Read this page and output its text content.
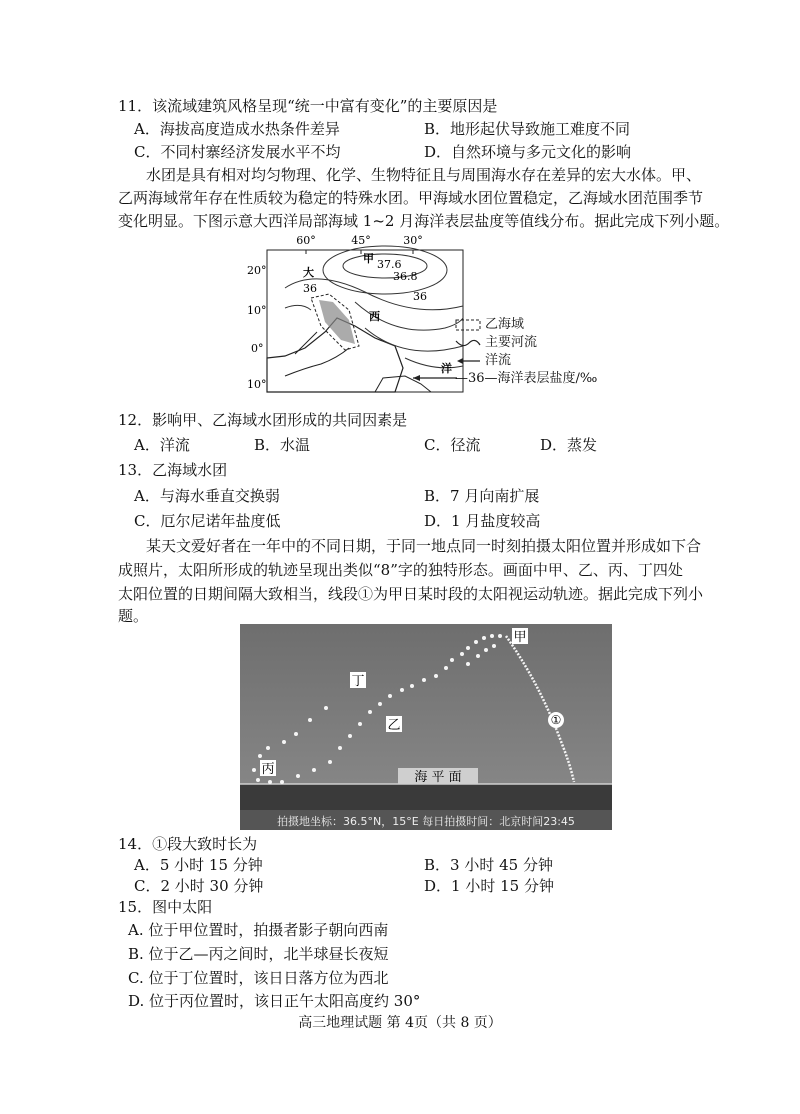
11．该流域建筑风格呈现“统一中富有变化”的主要原因是
A．海拔高度造成水热条件差异	B．地形起伏导致施工难度不同
C．不同村寨经济发展水平不均	D．自然环境与多元文化的影响
水团是具有相对均匀物理、化学、生物特征且与周围海水存在差异的宏大水体。甲、
乙两海域常年存在性质较为稳定的特殊水团。甲海域水团位置稳定，乙海域水团范围季节
变化明显。下图示意大西洋局部海域 1~2 月海洋表层盐度等值线分布。据此完成下列小题。
60°	45°	30°
20°
10°
0°
10°
甲 37.6
36.8
大
36
36
西
洋
乙海域
主要河流
洋流
—36—海洋表层盐度/‰
12．影响甲、乙海域水团形成的共同因素是
A．洋流	B．水温	C．径流	D．蒸发
13．乙海域水团
A．与海水垂直交换弱	B．7 月向南扩展
C．厄尔尼诺年盐度低	D．1 月盐度较高
某天文爱好者在一年中的不同日期，于同一地点同一时刻拍摄太阳位置并形成如下合
成照片，太阳所形成的轨迹呈现出类似“8”字的独特形态。画面中甲、乙、丙、丁四处
太阳位置的日期间隔大致相当，线段①为甲日某时段的太阳视运动轨迹。据此完成下列小
题。
甲
丁
乙
丙
①
海 平 面
拍摄地坐标：36.5°N，15°E 每日拍摄时间：北京时间23:45
14．①段大致时长为
A．5 小时 15 分钟	B．3 小时 45 分钟
C．2 小时 30 分钟	D．1 小时 15 分钟
15．图中太阳
A. 位于甲位置时，拍摄者影子朝向西南
B. 位于乙—丙之间时，北半球昼长夜短
C. 位于丁位置时，该日日落方位为西北
D. 位于丙位置时，该日正午太阳高度约 30°
高三地理试题 第 4页（共 8 页）
